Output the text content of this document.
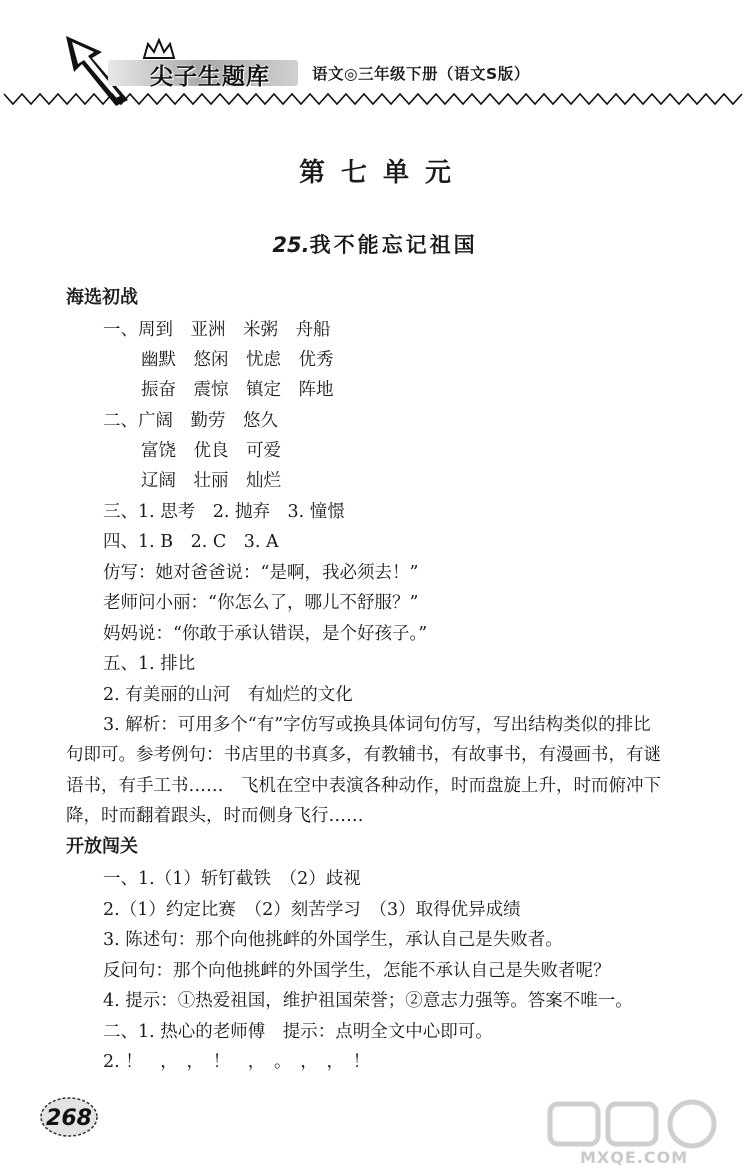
尖子生题库	语文◎三年级下册（语文S版）
第七单元
25.我不能忘记祖国
海选初战
一、周到　亚洲　米粥　舟船
幽默　悠闲　忧虑　优秀
振奋　震惊　镇定　阵地
二、广阔　勤劳　悠久
富饶　优良　可爱
辽阔　壮丽　灿烂
三、1. 思考　2. 抛弃　3. 憧憬
四、1. B　2. C　3. A
仿写：她对爸爸说：“是啊，我必须去！”
老师问小丽：“你怎么了，哪儿不舒服？”
妈妈说：“你敢于承认错误，是个好孩子。”
五、1. 排比
2. 有美丽的山河　有灿烂的文化
3. 解析：可用多个“有”字仿写或换具体词句仿写，写出结构类似的排比
句即可。参考例句：书店里的书真多，有教辅书，有故事书，有漫画书，有谜
语书，有手工书……　飞机在空中表演各种动作，时而盘旋上升，时而俯冲下
降，时而翻着跟头，时而侧身飞行……
开放闯关
一、1.（1）斩钉截铁　（2）歧视
2.（1）约定比赛　（2）刻苦学习　（3）取得优异成绩
3. 陈述句：那个向他挑衅的外国学生，承认自己是失败者。
反问句：那个向他挑衅的外国学生，怎能不承认自己是失败者呢？
4. 提示：①热爱祖国，维护祖国荣誉；②意志力强等。答案不唯一。
二、1. 热心的老师傅　提示：点明全文中心即可。
2. ！　，　，　！　，　。　，　，　！
268
MXQE.COM
